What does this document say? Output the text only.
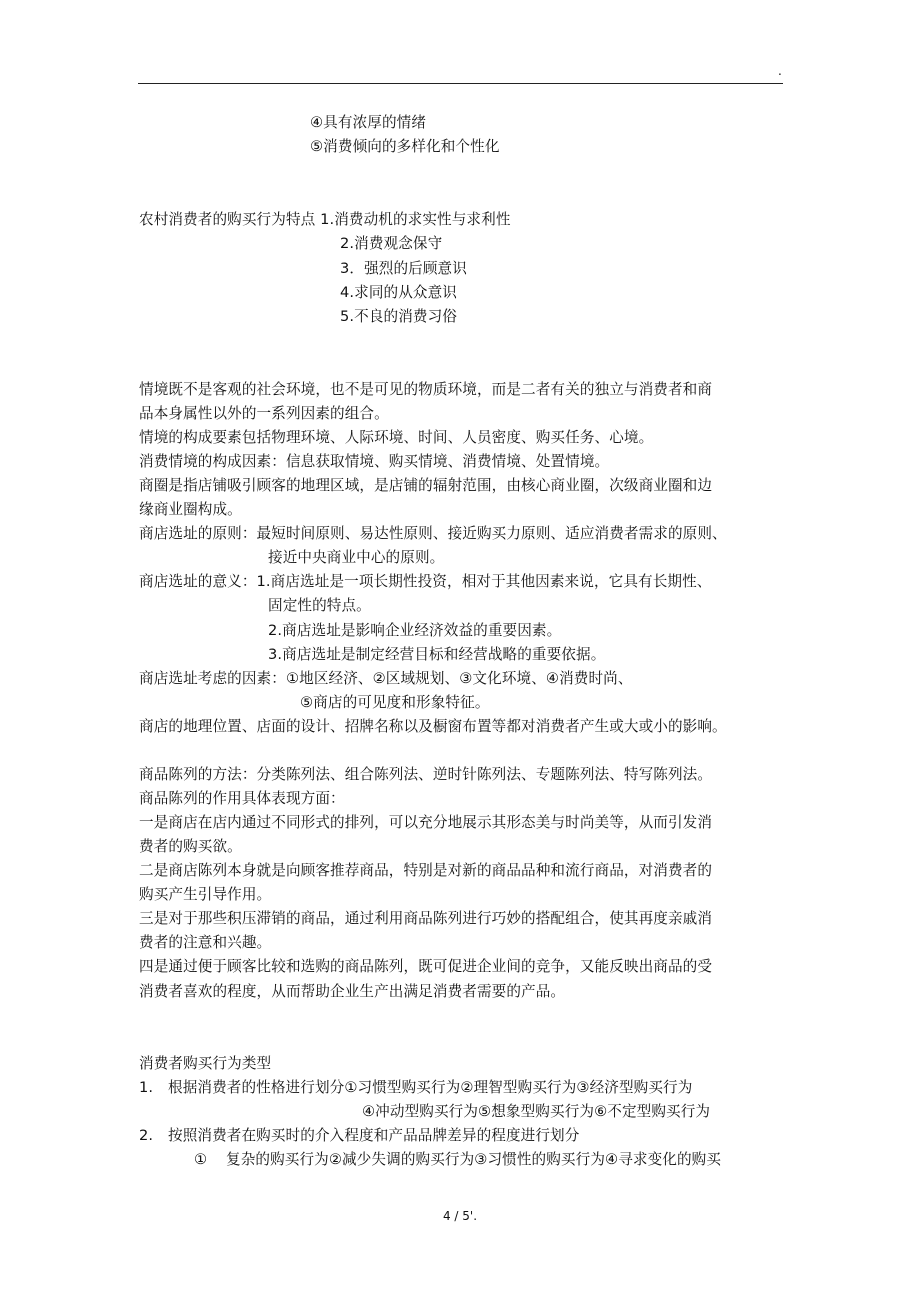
.
④具有浓厚的情绪
⑤消费倾向的多样化和个性化
农村消费者的购买行为特点 1.消费动机的求实性与求利性
2.消费观念保守
3．强烈的后顾意识
4.求同的从众意识
5.不良的消费习俗
情境既不是客观的社会环境，也不是可见的物质环境，而是二者有关的独立与消费者和商
品本身属性以外的一系列因素的组合。
情境的构成要素包括物理环境、人际环境、时间、人员密度、购买任务、心境。
消费情境的构成因素：信息获取情境、购买情境、消费情境、处置情境。
商圈是指店铺吸引顾客的地理区域，是店铺的辐射范围，由核心商业圈，次级商业圈和边
缘商业圈构成。
商店选址的原则：最短时间原则、易达性原则、接近购买力原则、适应消费者需求的原则、
接近中央商业中心的原则。
商店选址的意义：1.商店选址是一项长期性投资，相对于其他因素来说，它具有长期性、
固定性的特点。
2.商店选址是影响企业经济效益的重要因素。
3.商店选址是制定经营目标和经营战略的重要依据。
商店选址考虑的因素：①地区经济、②区域规划、③文化环境、④消费时尚、
⑤商店的可见度和形象特征。
商店的地理位置、店面的设计、招牌名称以及橱窗布置等都对消费者产生或大或小的影响。
商品陈列的方法：分类陈列法、组合陈列法、逆时针陈列法、专题陈列法、特写陈列法。
商品陈列的作用具体表现方面：
一是商店在店内通过不同形式的排列，可以充分地展示其形态美与时尚美等，从而引发消
费者的购买欲。
二是商店陈列本身就是向顾客推荐商品，特别是对新的商品品种和流行商品，对消费者的
购买产生引导作用。
三是对于那些积压滞销的商品，通过利用商品陈列进行巧妙的搭配组合，使其再度亲戚消
费者的注意和兴趣。
四是通过便于顾客比较和选购的商品陈列，既可促进企业间的竞争，又能反映出商品的受
消费者喜欢的程度，从而帮助企业生产出满足消费者需要的产品。
消费者购买行为类型
1. 根据消费者的性格进行划分①习惯型购买行为②理智型购买行为③经济型购买行为
④冲动型购买行为⑤想象型购买行为⑥不定型购买行为
2. 按照消费者在购买时的介入程度和产品品牌差异的程度进行划分
① 复杂的购买行为②减少失调的购买行为③习惯性的购买行为④寻求变化的购买
4 / 5'.
